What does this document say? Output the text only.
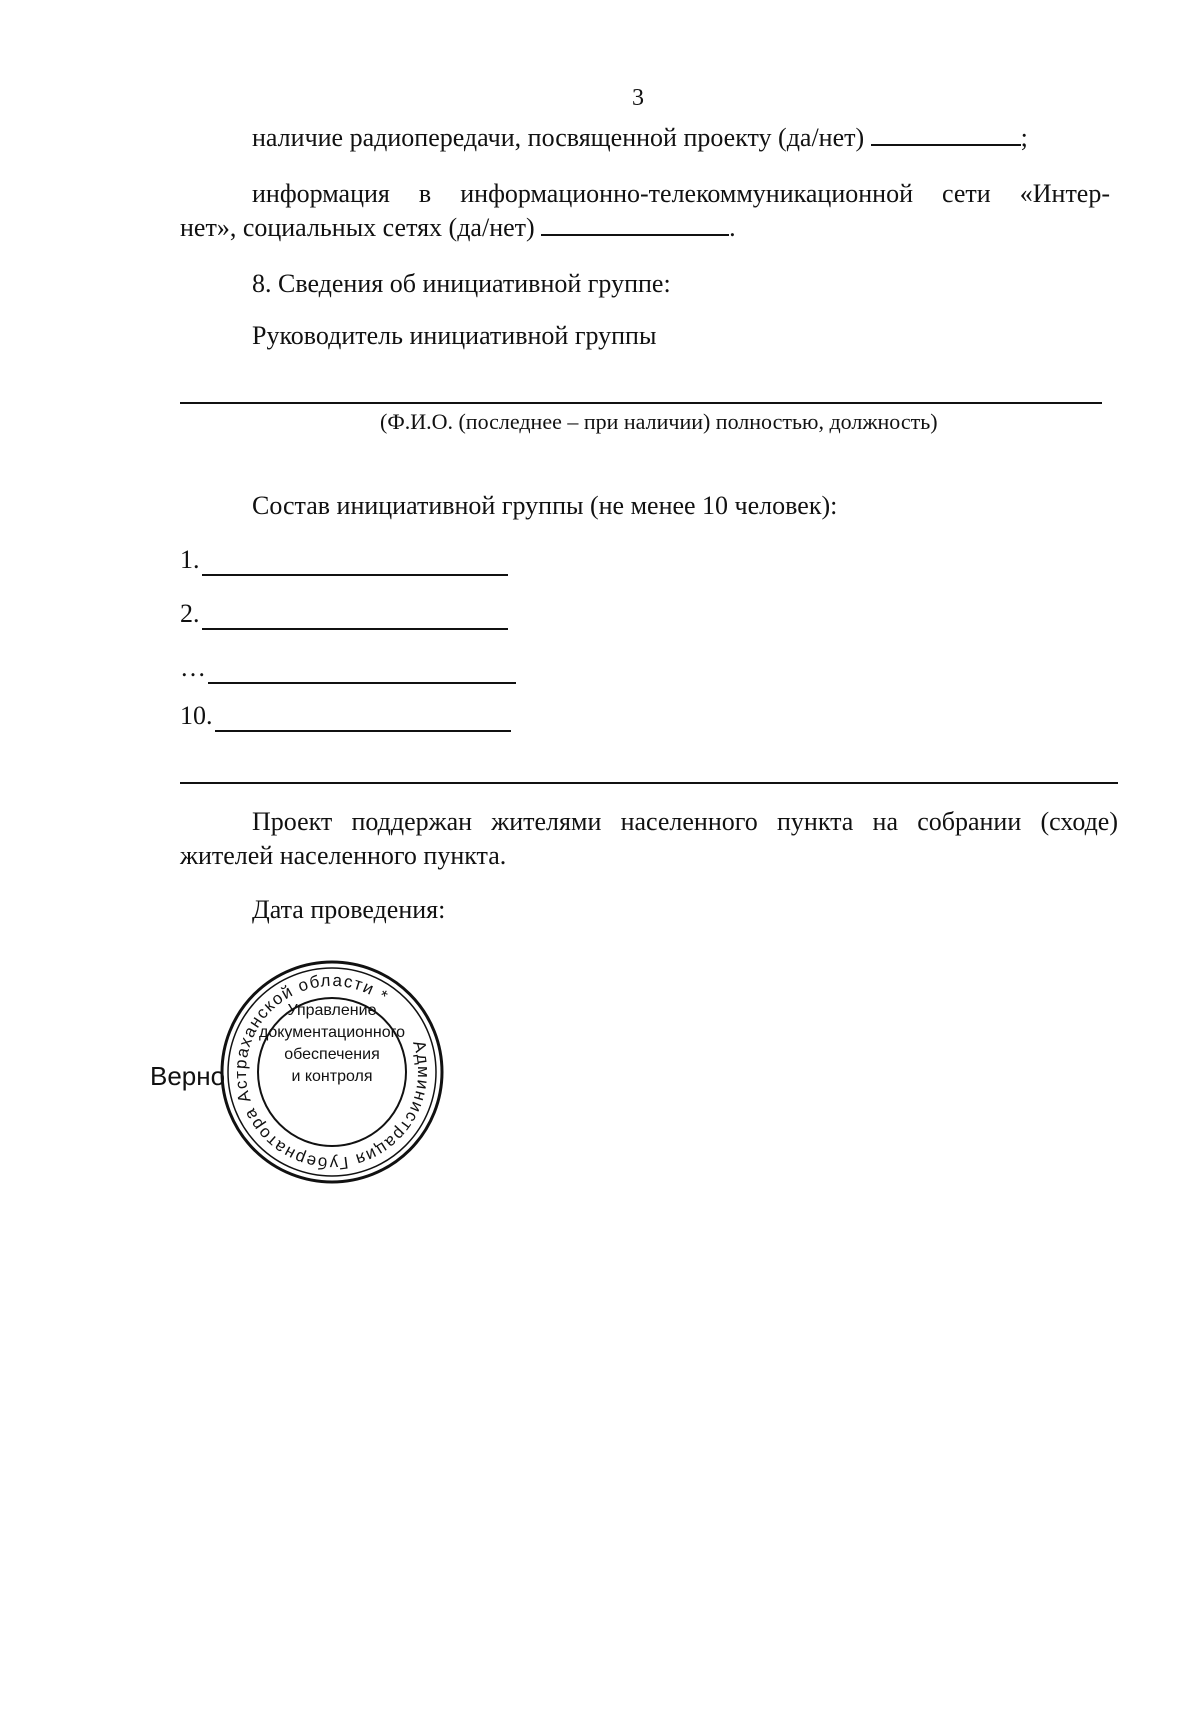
3
наличие радиопередачи, посвященной проекту (да/нет)	;
информация в информационно-телекоммуникационной сети «Интер-
нет», социальных сетях (да/нет)	.
8. Сведения об инициативной группе:
Руководитель инициативной группы
(Ф.И.О. (последнее – при наличии) полностью, должность)
Состав инициативной группы (не менее 10 человек):
1.
2.
…
10.
Проект поддержан жителями населенного пункта на собрании (сходе)
жителей населенного пункта.
Дата проведения:
Верно
Администрация Губернатора Астраханской области *
Управление
документационного
обеспечения
и контроля
